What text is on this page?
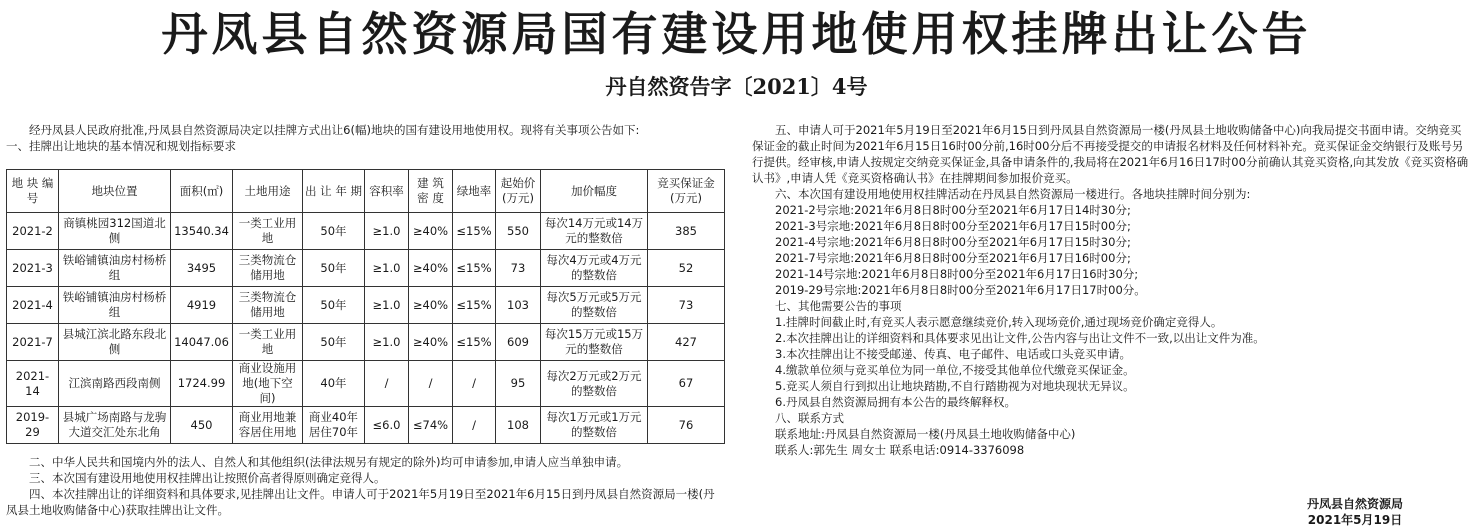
丹凤县自然资源局国有建设用地使用权挂牌出让公告
丹自然资告字〔2021〕4号

经丹凤县人民政府批准,丹凤县自然资源局决定以挂牌方式出让6(幅)地块的国有建设用地使用权。现将有关事项公告如下:

一、挂牌出让地块的基本情况和规划指标要求

地 块 编 号	地块位置	面积(㎡)	土地用途	出 让 年 期	容积率	建 筑 密 度	绿地率	起始价 (万元)	加价幅度	竞买保证金(万元)
2021-2	商镇桃园312国道北侧	13540.34	一类工业用地	50年	≥1.0	≥40%	≤15%	550	每次14万元或14万元的整数倍	385
2021-3	铁峪铺镇油房村杨桥组	3495	三类物流仓储用地	50年	≥1.0	≥40%	≤15%	73	每次4万元或4万元的整数倍	52
2021-4	铁峪铺镇油房村杨桥组	4919	三类物流仓储用地	50年	≥1.0	≥40%	≤15%	103	每次5万元或5万元的整数倍	73
2021-7	县城江滨北路东段北侧	14047.06	一类工业用地	50年	≥1.0	≥40%	≤15%	609	每次15万元或15万元的整数倍	427
2021-14	江滨南路西段南侧	1724.99	商业设施用地(地下空间)	40年	/	/	/	95	每次2万元或2万元的整数倍	67
2019-29	县城广场南路与龙驹大道交汇处东北角	450	商业用地兼容居住用地	商业40年居住70年	≤6.0	≤74%	/	108	每次1万元或1万元的整数倍	76

二、中华人民共和国境内外的法人、自然人和其他组织(法律法规另有规定的除外)均可申请参加,申请人应当单独申请。

三、本次国有建设用地使用权挂牌出让按照价高者得原则确定竞得人。

四、本次挂牌出让的详细资料和具体要求,见挂牌出让文件。申请人可于2021年5月19日至2021年6月15日到丹凤县自然资源局一楼(丹凤县土地收购储备中心)获取挂牌出让文件。

五、申请人可于2021年5月19日至2021年6月15日到丹凤县自然资源局一楼(丹凤县土地收购储备中心)向我局提交书面申请。交纳竞买保证金的截止时间为2021年6月15日16时00分前,16时00分后不再接受提交的申请报名材料及任何材料补充。竞买保证金交纳银行及账号另行提供。经审核,申请人按规定交纳竞买保证金,具备申请条件的,我局将在2021年6月16日17时00分前确认其竞买资格,向其发放《竞买资格确认书》,申请人凭《竞买资格确认书》在挂牌期间参加报价竞买。

六、本次国有建设用地使用权挂牌活动在丹凤县自然资源局一楼进行。各地块挂牌时间分别为:

2021-2号宗地:2021年6月8日8时00分至2021年6月17日14时30分;

2021-3号宗地:2021年6月8日8时00分至2021年6月17日15时00分;

2021-4号宗地:2021年6月8日8时00分至2021年6月17日15时30分;

2021-7号宗地:2021年6月8日8时00分至2021年6月17日16时00分;

2021-14号宗地:2021年6月8日8时00分至2021年6月17日16时30分;

2019-29号宗地:2021年6月8日8时00分至2021年6月17日17时00分。

七、其他需要公告的事项

1.挂牌时间截止时,有竞买人表示愿意继续竞价,转入现场竞价,通过现场竞价确定竞得人。

2.本次挂牌出让的详细资料和具体要求见出让文件,公告内容与出让文件不一致,以出让文件为准。

3.本次挂牌出让不接受邮递、传真、电子邮件、电话或口头竞买申请。

4.缴款单位须与竞买单位为同一单位,不接受其他单位代缴竞买保证金。

5.竞买人须自行到拟出让地块踏勘,不自行踏勘视为对地块现状无异议。

6.丹凤县自然资源局拥有本公告的最终解释权。

八、联系方式

联系地址:丹凤县自然资源局一楼(丹凤县土地收购储备中心)

联系人:郭先生 周女士 联系电话:0914-3376098

丹凤县自然资源局
2021年5月19日
